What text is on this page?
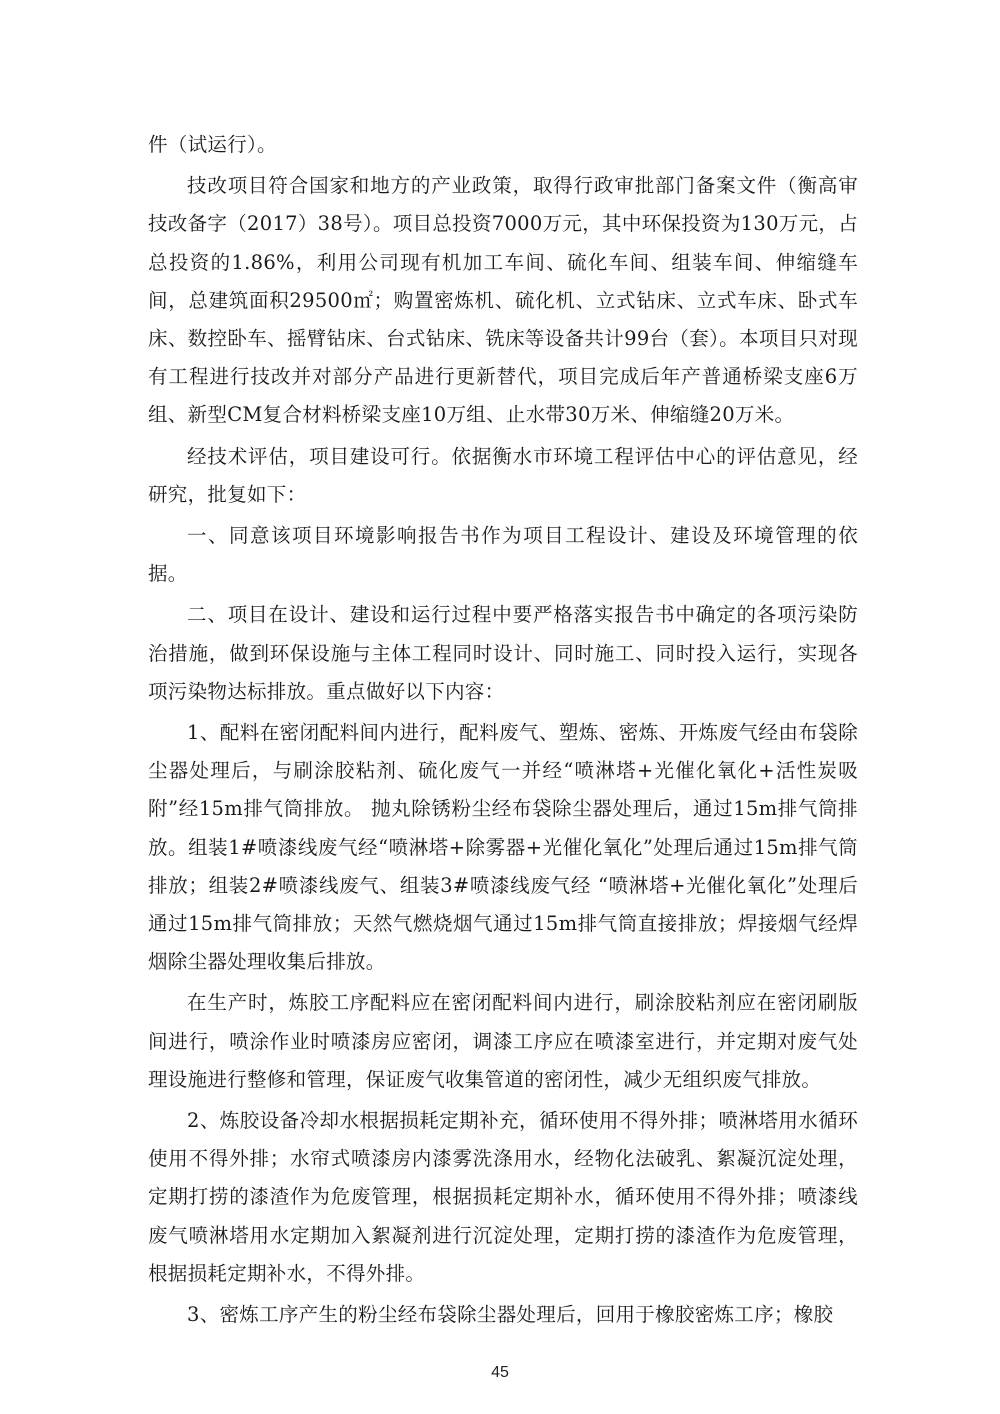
件（试运行）。

技改项目符合国家和地方的产业政策，取得行政审批部门备案文件（衡高审技改备字（2017）38号）。项目总投资7000万元，其中环保投资为130万元，占总投资的1.86%，利用公司现有机加工车间、硫化车间、组装车间、伸缩缝车间，总建筑面积29500㎡；购置密炼机、硫化机、立式钻床、立式车床、卧式车床、数控卧车、摇臂钻床、台式钻床、铣床等设备共计99台（套）。本项目只对现有工程进行技改并对部分产品进行更新替代，项目完成后年产普通桥梁支座6万组、新型CM复合材料桥梁支座10万组、止水带30万米、伸缩缝20万米。

经技术评估，项目建设可行。依据衡水市环境工程评估中心的评估意见，经研究，批复如下：

一、同意该项目环境影响报告书作为项目工程设计、建设及环境管理的依据。

二、项目在设计、建设和运行过程中要严格落实报告书中确定的各项污染防治措施，做到环保设施与主体工程同时设计、同时施工、同时投入运行，实现各项污染物达标排放。重点做好以下内容：

1、配料在密闭配料间内进行，配料废气、塑炼、密炼、开炼废气经由布袋除尘器处理后，与刷涂胶粘剂、硫化废气一并经“喷淋塔+光催化氧化+活性炭吸附”经15m排气筒排放。 抛丸除锈粉尘经布袋除尘器处理后，通过15m排气筒排放。组装1#喷漆线废气经“喷淋塔+除雾器+光催化氧化”处理后通过15m排气筒排放；组装2#喷漆线废气、组装3#喷漆线废气经 “喷淋塔+光催化氧化”处理后通过15m排气筒排放；天然气燃烧烟气通过15m排气筒直接排放；焊接烟气经焊烟除尘器处理收集后排放。

在生产时，炼胶工序配料应在密闭配料间内进行，刷涂胶粘剂应在密闭刷版间进行，喷涂作业时喷漆房应密闭，调漆工序应在喷漆室进行，并定期对废气处理设施进行整修和管理，保证废气收集管道的密闭性，减少无组织废气排放。

2、炼胶设备冷却水根据损耗定期补充，循环使用不得外排；喷淋塔用水循环使用不得外排；水帘式喷漆房内漆雾洗涤用水，经物化法破乳、絮凝沉淀处理，定期打捞的漆渣作为危废管理，根据损耗定期补水，循环使用不得外排；喷漆线废气喷淋塔用水定期加入絮凝剂进行沉淀处理，定期打捞的漆渣作为危废管理，根据损耗定期补水，不得外排。

3、密炼工序产生的粉尘经布袋除尘器处理后，回用于橡胶密炼工序；橡胶

45
